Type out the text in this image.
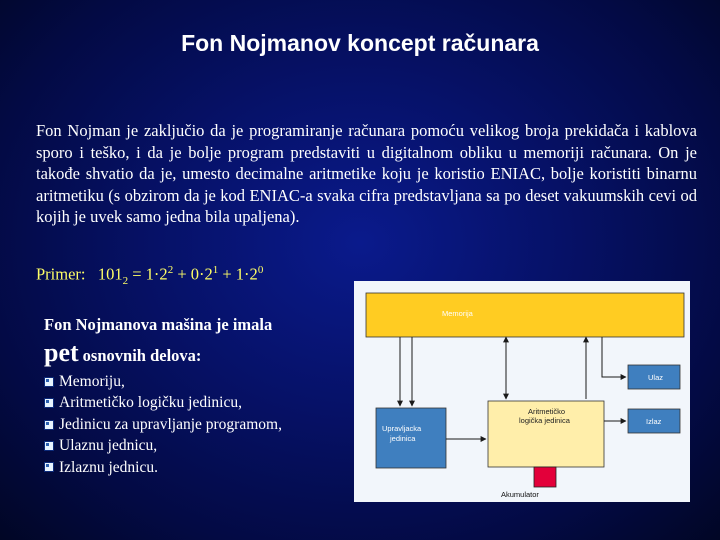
Fon Nojmanov koncept računara
Fon Nojman je zaključio da je programiranje računara pomoću velikog broja prekidača i kablova sporo i teško, i da je bolje program predstaviti u digitalnom obliku u memoriji računara. On je takođe shvatio da je, umesto decimalne aritmetike koju je koristio ENIAC, bolje koristiti binarnu aritmetiku (s obzirom da je kod ENIAC-a svaka cifra predstavljana sa po deset vakuumskih cevi od kojih je uvek samo jedna bila upaljena).
Primer: $101_2 = 1\cdot 2^2 + 0\cdot 2^1 + 1\cdot 2^0$
Fon Nojmanova mašina je imala
pet osnovnih delova:
Memoriju,
Aritmetičko logičku jedinicu,
Jedinicu za upravljanje programom,
Ulaznu jednicu,
Izlaznu jednicu.
Memorija
Upravljacka
jedinica
Aritmetičko
logička jedinica
Akumulator
Ulaz
Izlaz
